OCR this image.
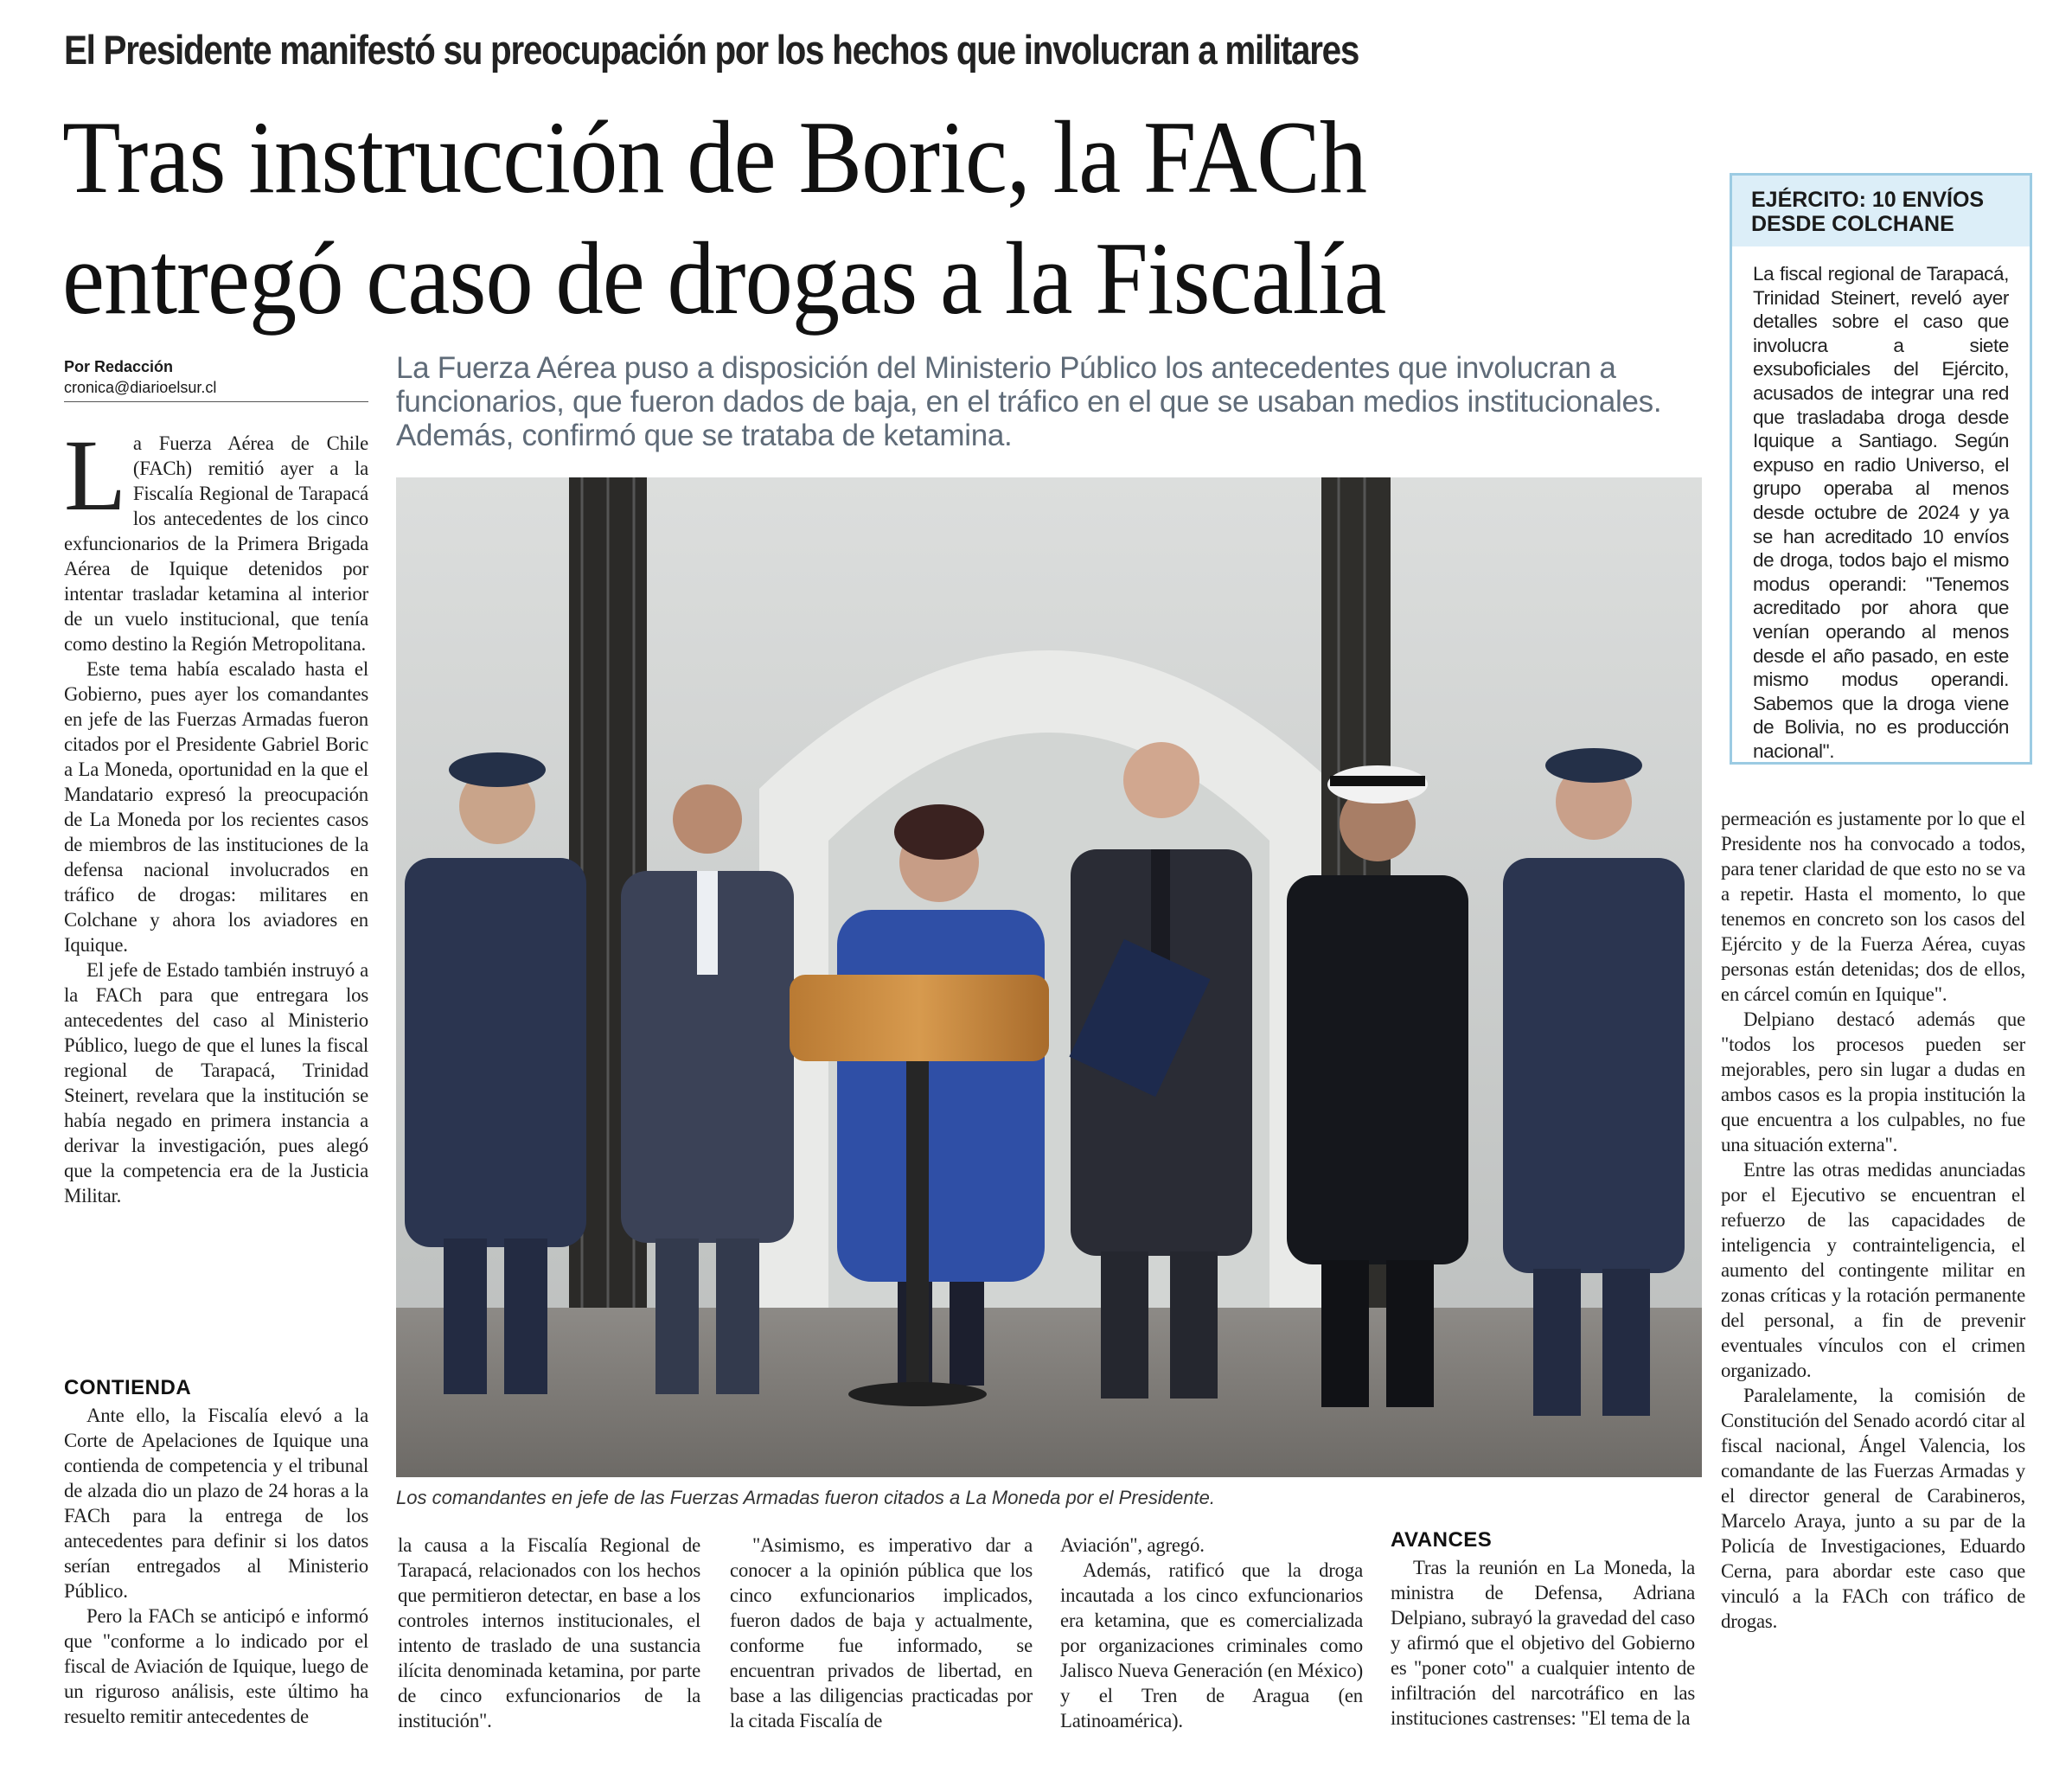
El Presidente manifestó su preocupación por los hechos que involucran a militares
Tras instrucción de Boric, la FACh entregó caso de drogas a la Fiscalía
Por Redacción
cronica@diarioelsur.cl
La Fuerza Aérea puso a disposición del Ministerio Público los antecedentes que involucran a funcionarios, que fueron dados de baja, en el tráfico en el que se usaban medios institucionales. Además, confirmó que se trataba de ketamina.

La Fuerza Aérea de Chile (FACh) remitió ayer a la Fiscalía Regional de Tarapacá los antecedentes de los cinco exfuncionarios de la Primera Brigada Aérea de Iquique detenidos por intentar trasladar ketamina al interior de un vuelo institucional, que tenía como destino la Región Metropolitana.

Este tema había escalado hasta el Gobierno, pues ayer los comandantes en jefe de las Fuerzas Armadas fueron citados por el Presidente Gabriel Boric a La Moneda, oportunidad en la que el Mandatario expresó la preocupación de La Moneda por los recientes casos de miembros de las instituciones de la defensa nacional involucrados en tráfico de drogas: militares en Colchane y ahora los aviadores en Iquique.

El jefe de Estado también instruyó a la FACh para que entregara los antecedentes del caso al Ministerio Público, luego de que el lunes la fiscal regional de Tarapacá, Trinidad Steinert, revelara que la institución se había negado en primera instancia a derivar la investigación, pues alegó que la competencia era de la Justicia Militar.

CONTIENDA

Ante ello, la Fiscalía elevó a la Corte de Apelaciones de Iquique una contienda de competencia y el tribunal de alzada dio un plazo de 24 horas a la FACh para la entrega de los antecedentes para definir si los datos serían entregados al Ministerio Público.

Pero la FACh se anticipó e informó que "conforme a lo indicado por el fiscal de Aviación de Iquique, luego de un riguroso análisis, este último ha resuelto remitir antecedentes de

Los comandantes en jefe de las Fuerzas Armadas fueron citados a La Moneda por el Presidente.

la causa a la Fiscalía Regional de Tarapacá, relacionados con los hechos que permitieron detectar, en base a los controles internos institucionales, el intento de traslado de una sustancia ilícita denominada ketamina, por parte de cinco exfuncionarios de la institución".

"Asimismo, es imperativo dar a conocer a la opinión pública que los cinco exfuncionarios implicados, fueron dados de baja y actualmente, conforme fue informado, se encuentran privados de libertad, en base a las diligencias practicadas por la citada Fiscalía de

Aviación", agregó.

Además, ratificó que la droga incautada a los cinco exfuncionarios era ketamina, que es comercializada por organizaciones criminales como Jalisco Nueva Generación (en México) y el Tren de Aragua (en Latinoamérica).

AVANCES

Tras la reunión en La Moneda, la ministra de Defensa, Adriana Delpiano, subrayó la gravedad del caso y afirmó que el objetivo del Gobierno es "poner coto" a cualquier intento de infiltración del narcotráfico en las instituciones castrenses: "El tema de la

EJÉRCITO: 10 ENVÍOS DESDE COLCHANE
La fiscal regional de Tarapacá, Trinidad Steinert, reveló ayer detalles sobre el caso que involucra a siete exsuboficiales del Ejército, acusados de integrar una red que trasladaba droga desde Iquique a Santiago. Según expuso en radio Universo, el grupo operaba al menos desde octubre de 2024 y ya se han acreditado 10 envíos de droga, todos bajo el mismo modus operandi: "Tenemos acreditado por ahora que venían operando al menos desde el año pasado, en este mismo modus operandi. Sabemos que la droga viene de Bolivia, no es producción nacional".

permeación es justamente por lo que el Presidente nos ha convocado a todos, para tener claridad de que esto no se va a repetir. Hasta el momento, lo que tenemos en concreto son los casos del Ejército y de la Fuerza Aérea, cuyas personas están detenidas; dos de ellos, en cárcel común en Iquique".

Delpiano destacó además que "todos los procesos pueden ser mejorables, pero sin lugar a dudas en ambos casos es la propia institución la que encuentra a los culpables, no fue una situación externa".

Entre las otras medidas anunciadas por el Ejecutivo se encuentran el refuerzo de las capacidades de inteligencia y contrainteligencia, el aumento del contingente militar en zonas críticas y la rotación permanente del personal, a fin de prevenir eventuales vínculos con el crimen organizado.

Paralelamente, la comisión de Constitución del Senado acordó citar al fiscal nacional, Ángel Valencia, los comandante de las Fuerzas Armadas y el director general de Carabineros, Marcelo Araya, junto a su par de la Policía de Investigaciones, Eduardo Cerna, para abordar este caso que vinculó a la FACh con tráfico de drogas.
